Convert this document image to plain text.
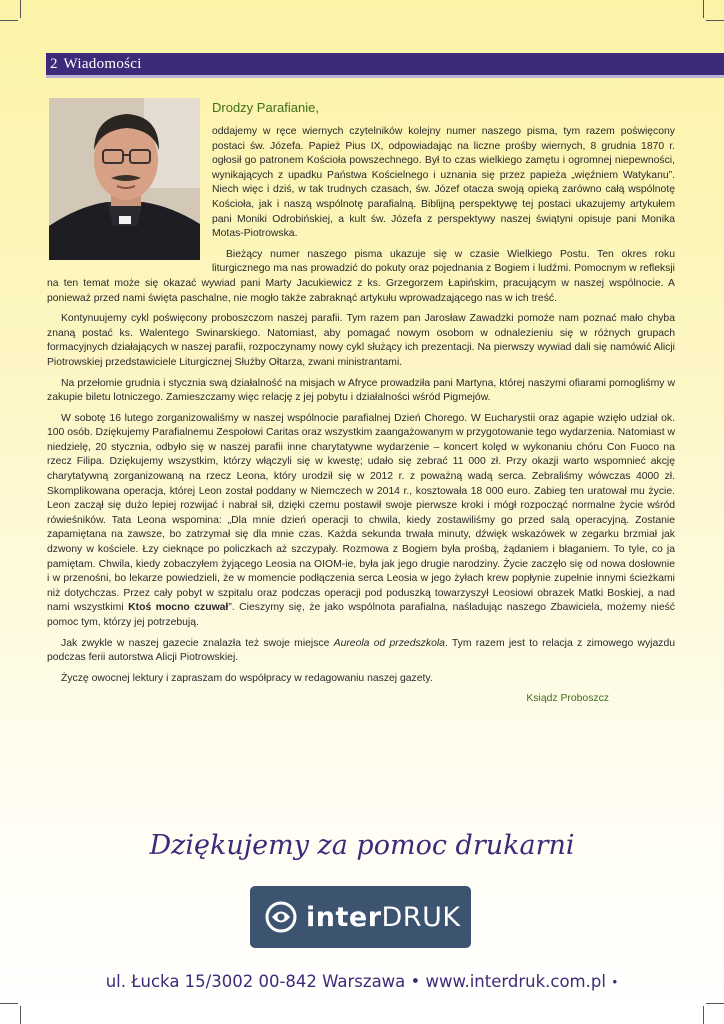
2 Wiadomości
Drodzy Parafianie,

oddajemy w ręce wiernych czytelników kolejny numer naszego pisma, tym razem poświęcony postaci św. Józefa. Papież Pius IX, odpowiadając na liczne prośby wiernych, 8 grudnia 1870 r. ogłosił go patronem Kościoła powszechnego. Był to czas wielkiego zamętu i ogromnej niepewności, wynikających z upadku Państwa Kościelnego i uznania się przez papieża „więźniem Watykanu”. Niech więc i dziś, w tak trudnych czasach, św. Józef otacza swoją opieką zarówno całą wspólnotę Kościoła, jak i naszą wspólnotę parafialną. Biblijną perspektywę tej postaci ukazujemy artykułem pani Moniki Odrobińskiej, a kult św. Józefa z perspektywy naszej świątyni opisuje pani Monika Motas-Piotrowska.

Bieżący numer naszego pisma ukazuje się w czasie Wielkiego Postu. Ten okres roku liturgicznego ma nas prowadzić do pokuty oraz pojednania z Bogiem i ludźmi. Pomocnym w refleksji na ten temat może się okazać wywiad pani Marty Jacukiewicz z ks. Grzegorzem Łapińskim, pracującym w naszej wspólnocie. A ponieważ przed nami święta paschalne, nie mogło także zabraknąć artykułu wprowadzającego nas w ich treść.

Kontynuujemy cykl poświęcony proboszczom naszej parafii. Tym razem pan Jarosław Zawadzki pomoże nam poznać mało chyba znaną postać ks. Walentego Swinarskiego. Natomiast, aby pomagać nowym osobom w odnalezieniu się w różnych grupach formacyjnych działających w naszej parafii, rozpoczynamy nowy cykl służący ich prezentacji. Na pierwszy wywiad dali się namówić Alicji Piotrowskiej przedstawiciele Liturgicznej Służby Ołtarza, zwani ministrantami.

Na przełomie grudnia i stycznia swą działalność na misjach w Afryce prowadziła pani Martyna, której naszymi ofiarami pomogliśmy w zakupie biletu lotniczego. Zamieszczamy więc relację z jej pobytu i działalności wśród Pigmejów.

W sobotę 16 lutego zorganizowaliśmy w naszej wspólnocie parafialnej Dzień Chorego. W Eucharystii oraz agapie wzięło udział ok. 100 osób. Dziękujemy Parafialnemu Zespołowi Caritas oraz wszystkim zaangażowanym w przygotowanie tego wydarzenia. Natomiast w niedzielę, 20 stycznia, odbyło się w naszej parafii inne charytatywne wydarzenie – koncert kolęd w wykonaniu chóru Con Fuoco na rzecz Filipa. Dziękujemy wszystkim, którzy włączyli się w kwestę; udało się zebrać 11 000 zł. Przy okazji warto wspomnieć akcję charytatywną zorganizowaną na rzecz Leona, który urodził się w 2012 r. z poważną wadą serca. Zebraliśmy wówczas 4000 zł. Skomplikowana operacja, której Leon został poddany w Niemczech w 2014 r., kosztowała 18 000 euro. Zabieg ten uratował mu życie. Leon zaczął się dużo lepiej rozwijać i nabrał sił, dzięki czemu postawił swoje pierwsze kroki i mógł rozpocząć normalne życie wśród rówieśników. Tata Leona wspomina: „Dla mnie dzień operacji to chwila, kiedy zostawiliśmy go przed salą operacyjną. Zostanie zapamiętana na zawsze, bo zatrzymał się dla mnie czas. Każda sekunda trwała minuty, dźwięk wskazówek w zegarku brzmiał jak dzwony w kościele. Łzy cieknące po policzkach aż szczypały. Rozmowa z Bogiem była prośbą, żądaniem i błaganiem. To tyle, co ja pamiętam. Chwila, kiedy zobaczyłem żyjącego Leosia na OIOM-ie, była jak jego drugie narodziny. Życie zaczęło się od nowa dosłownie i w przenośni, bo lekarze powiedzieli, że w momencie podłączenia serca Leosia w jego żyłach krew popłynie zupełnie innymi ścieżkami niż dotychczas. Przez cały pobyt w szpitalu oraz podczas operacji pod poduszką towarzyszył Leosiowi obrazek Matki Boskiej, a nad nami wszystkimi Ktoś mocno czuwał”. Cieszymy się, że jako wspólnota parafialna, naśladując naszego Zbawiciela, możemy nieść pomoc tym, którzy jej potrzebują.

Jak zwykle w naszej gazecie znalazła też swoje miejsce Aureola od przedszkola. Tym razem jest to relacja z zimowego wyjazdu podczas ferii autorstwa Alicji Piotrowskiej.

Życzę owocnej lektury i zapraszam do współpracy w redagowaniu naszej gazety.

Ksiądz Proboszcz
Dziękujemy za pomoc drukarni
interDRUK
ul. Łucka 15/3002 00-842 Warszawa • www.interdruk.com.pl •
